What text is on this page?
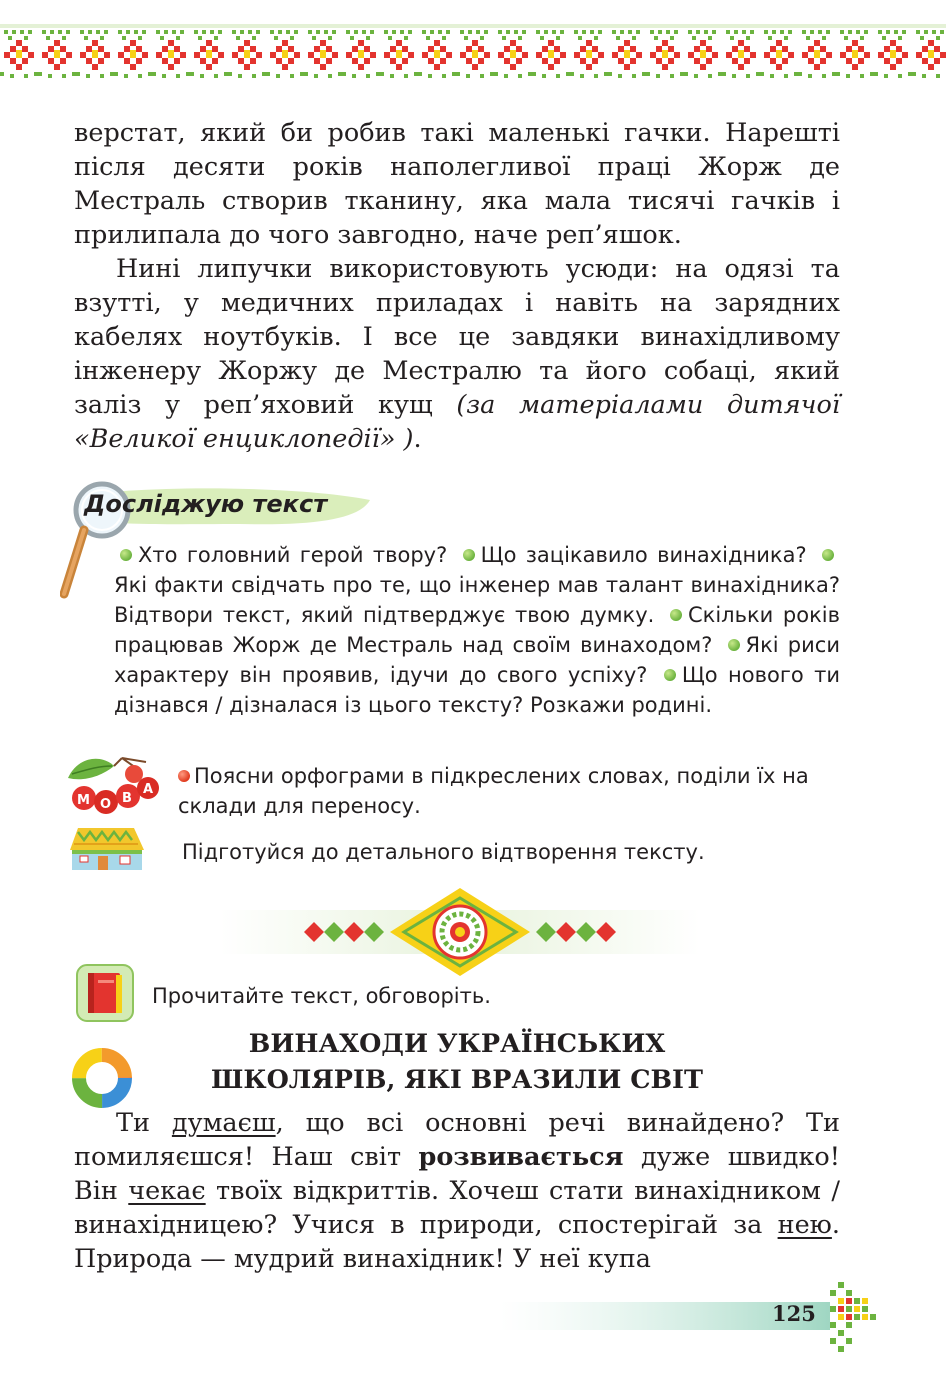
верстат, який би робив такі маленькі гачки. Нарешті після десяти років наполегливої праці Жорж де Местраль створив тканину, яка мала тисячі гачків і прилипала до чого завгодно, наче реп’яшок.

Нині липучки використовують усюди: на одязі та взутті, у медичних приладах і навіть на зарядних кабелях ноутбуків. І все це завдяки винахідливому інженеру Жоржу де Местралю та його собаці, який заліз у реп’яховий кущ (за матеріалами дитячої «Великої енциклопедії» ).

Досліджую текст
Хто головний герой твору? Що зацікавило винахідника? Які факти свідчать про те, що інженер мав талант винахідника? Відтвори текст, який підтверджує твою думку. Скільки років працював Жорж де Местраль над своїм винаходом? Які риси характеру він проявив, ідучи до свого успіху? Що нового ти дізнався / дізналася із цього тексту? Розкажи родині.
М О В
А
Поясни орфограми в підкреслених словах, поділи їх на склади для переносу.
Підготуйся до детального відтворення тексту.
Прочитайте текст, обговоріть.
ВИНАХОДИ УКРАЇНСЬКИХ
ШКОЛЯРІВ, ЯКІ ВРАЗИЛИ СВІТ
Ти думаєш, що всі основні речі винайдено? Ти помиляєшся! Наш світ розвивається дуже швидко! Він чекає твоїх відкриттів. Хочеш стати винахідником / винахідницею? Учися в природи, спостерігай за нею. Природа — мудрий винахідник! У неї купа
125
